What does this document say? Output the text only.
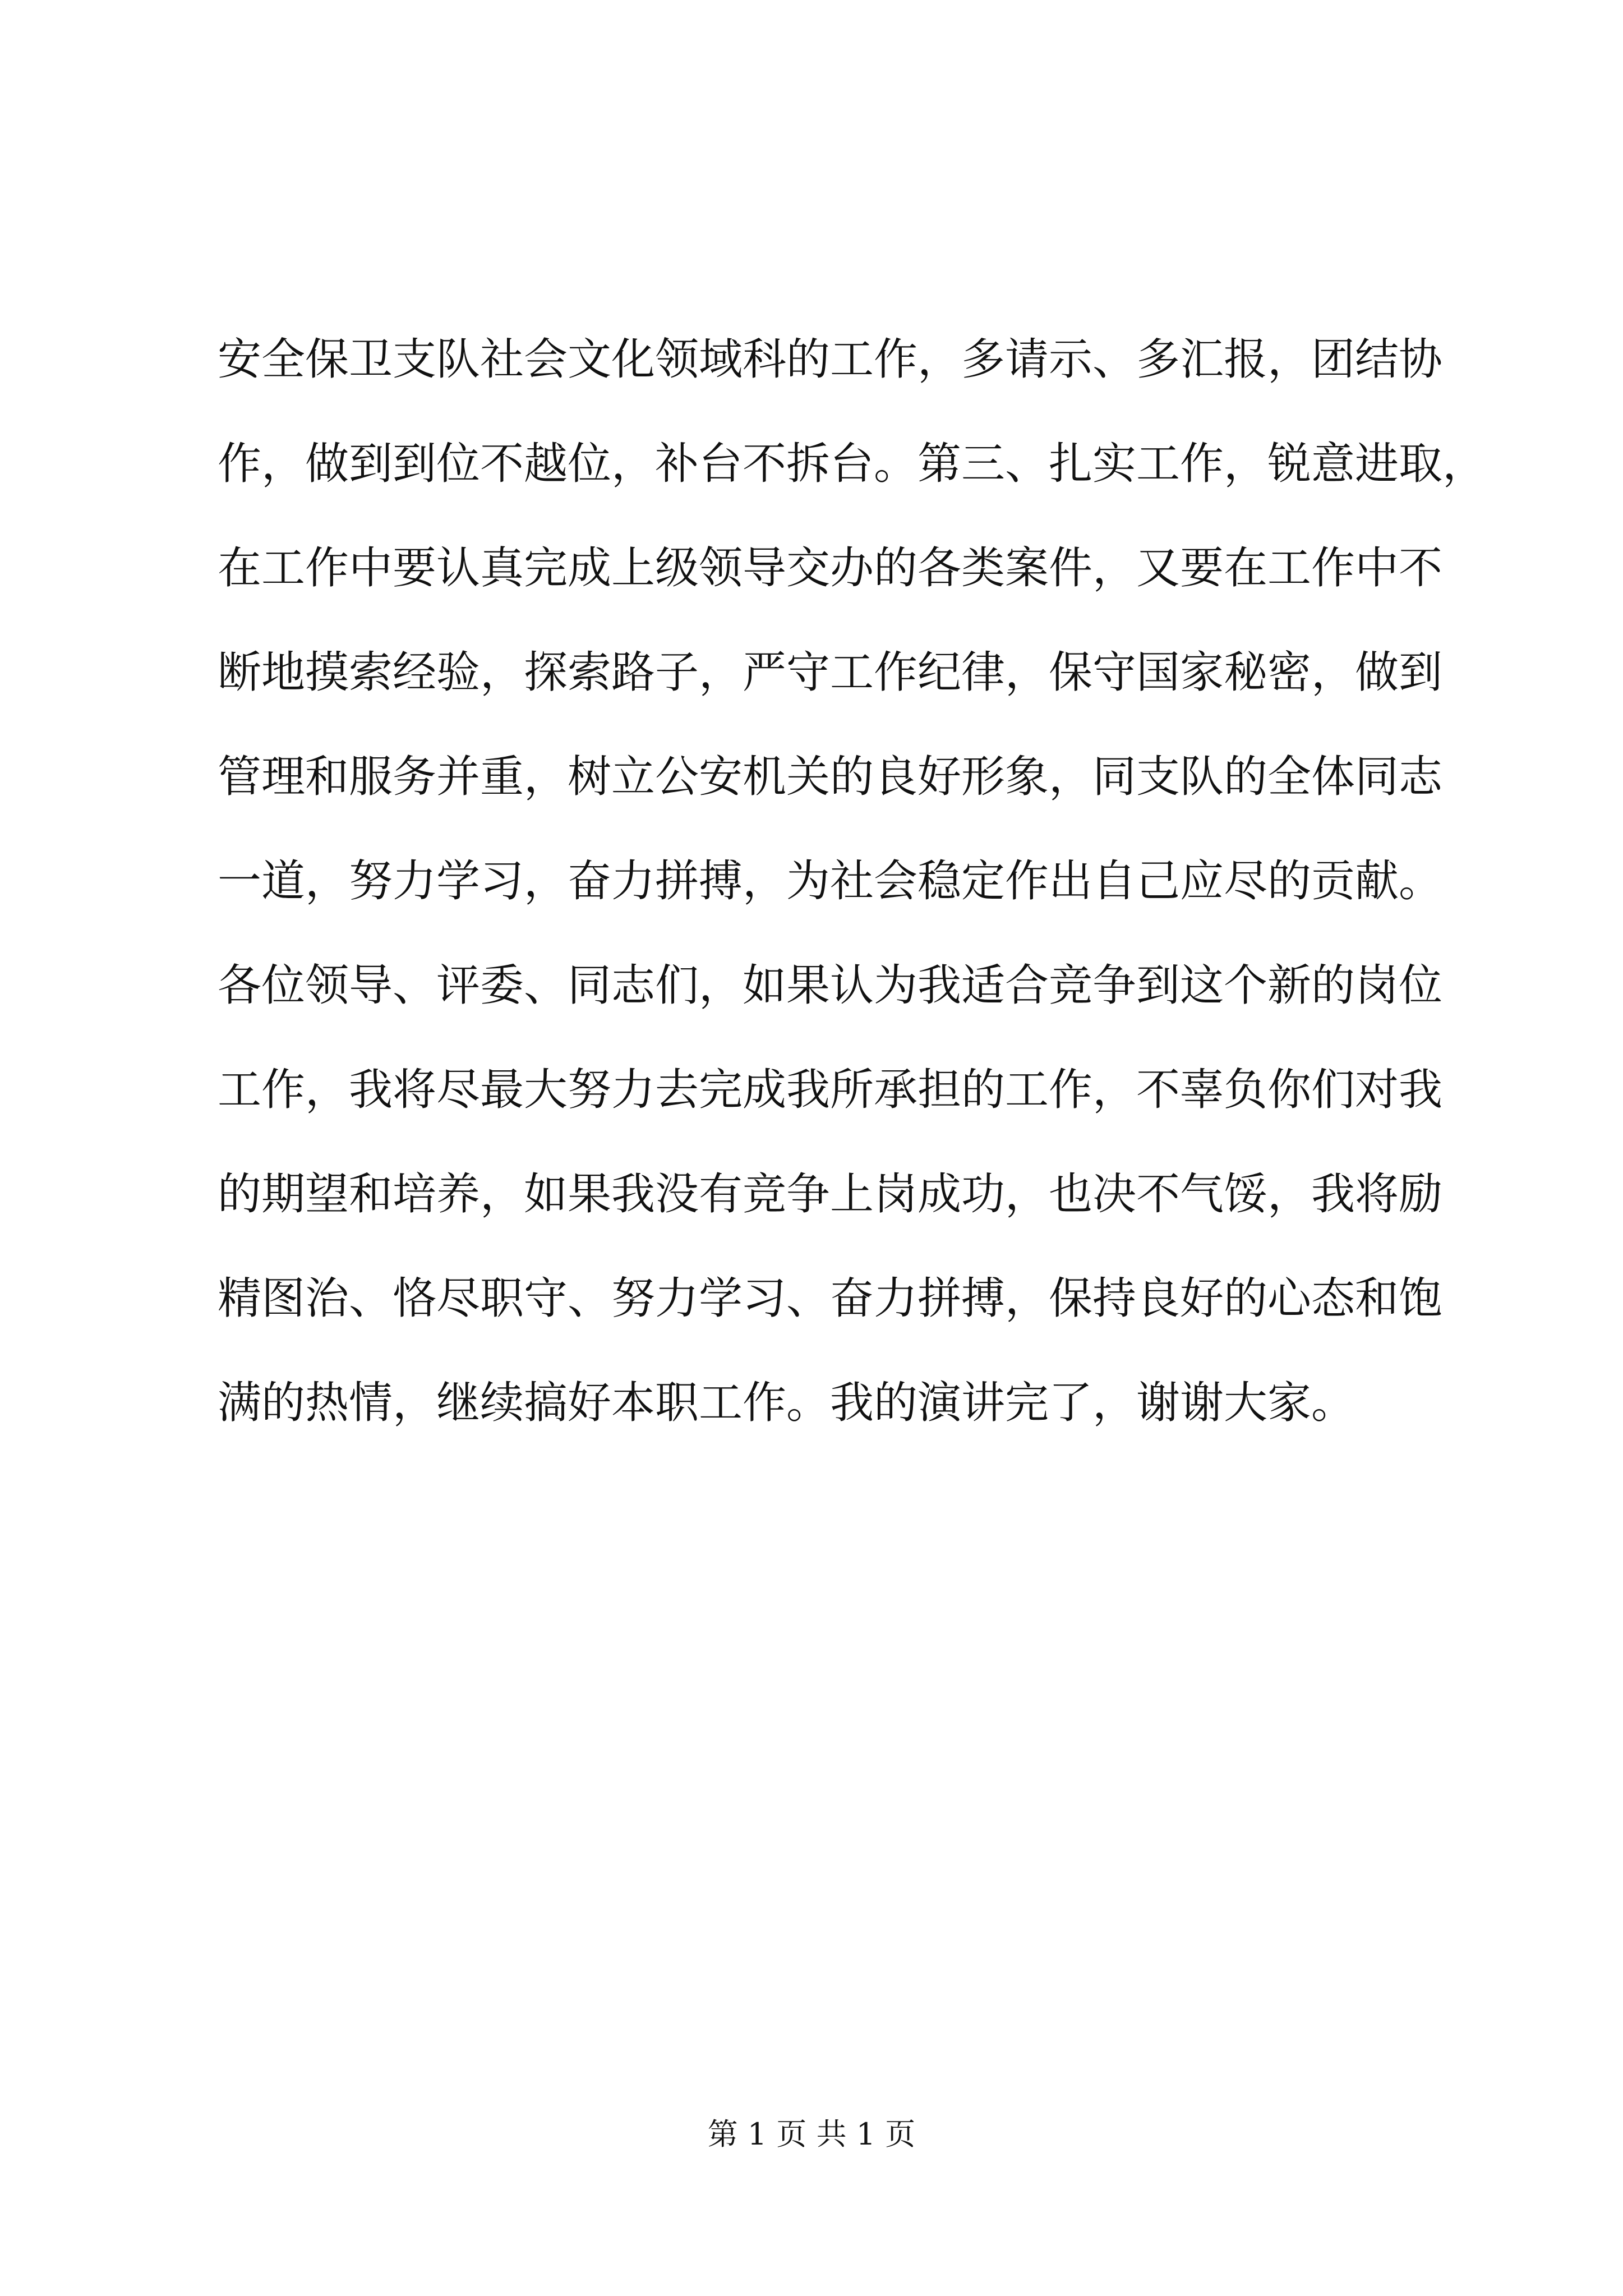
安全保卫支队社会文化领域科的工作，多请示、多汇报，团结协
作，做到到位不越位，补台不拆台。第三、扎实工作，锐意进取，
在工作中要认真完成上级领导交办的各类案件，又要在工作中不
断地摸索经验，探索路子，严守工作纪律，保守国家秘密，做到
管理和服务并重，树立公安机关的良好形象，同支队的全体同志
一道，努力学习，奋力拼搏，为社会稳定作出自己应尽的贡献。
各位领导、评委、同志们，如果认为我适合竞争到这个新的岗位
工作，我将尽最大努力去完成我所承担的工作，不辜负你们对我
的期望和培养，如果我没有竞争上岗成功，也决不气馁，我将励
精图治、恪尽职守、努力学习、奋力拼搏，保持良好的心态和饱
满的热情，继续搞好本职工作。我的演讲完了，谢谢大家。
第 1 页 共 1 页
